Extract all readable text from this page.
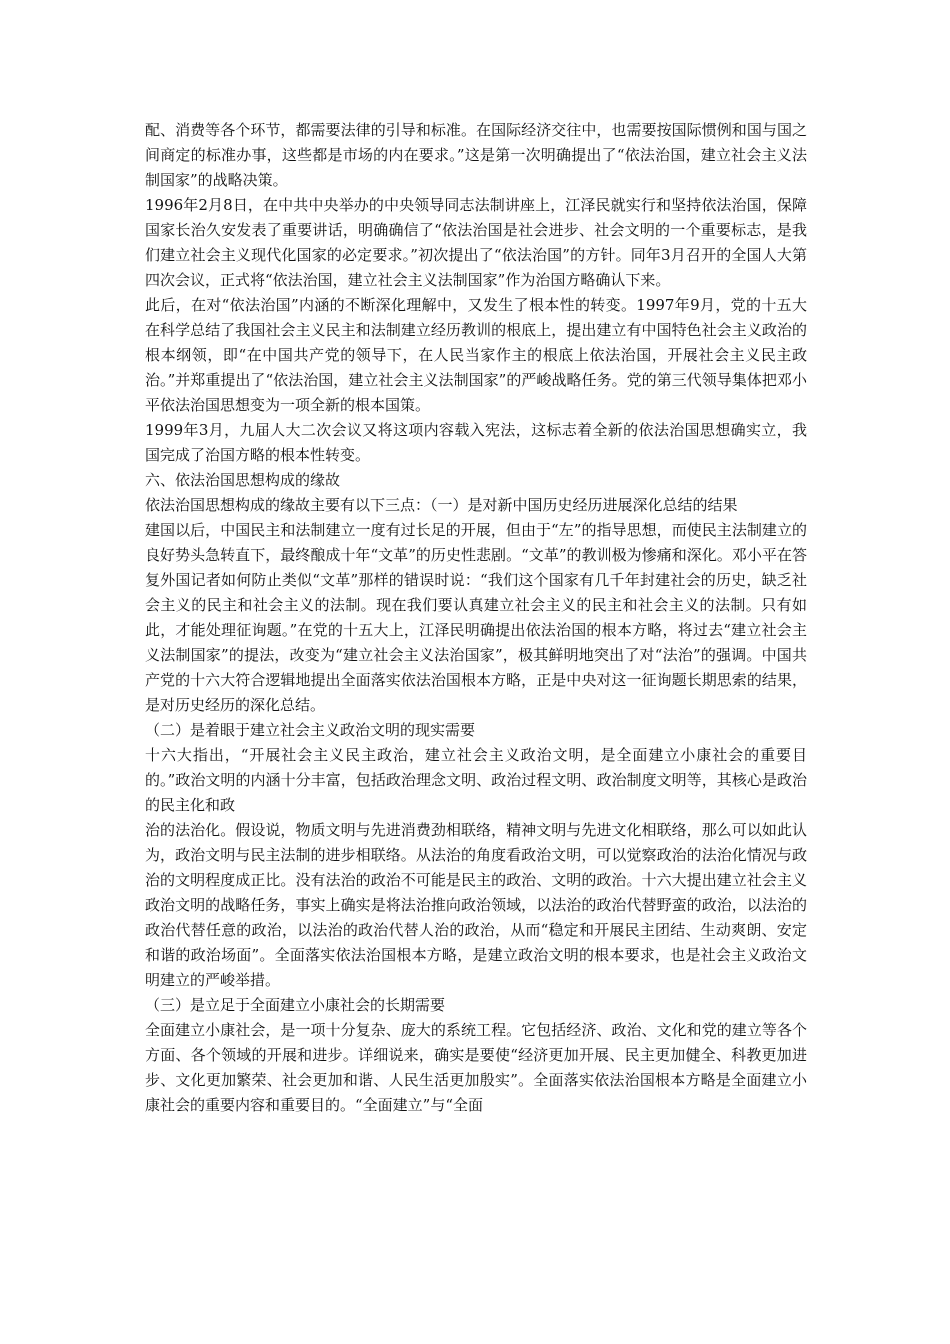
配、消费等各个环节，都需要法律的引导和标准。在国际经济交往中，也需要按国际惯例和国与国之间商定的标准办事，这些都是市场的内在要求。”这是第一次明确提出了“依法治国，建立社会主义法制国家”的战略决策。

1996年2月8日，在中共中央举办的中央领导同志法制讲座上，江泽民就实行和坚持依法治国，保障国家长治久安发表了重要讲话，明确确信了“依法治国是社会进步、社会文明的一个重要标志，是我们建立社会主义现代化国家的必定要求。”初次提出了“依法治国”的方针。同年3月召开的全国人大第四次会议，正式将“依法治国，建立社会主义法制国家”作为治国方略确认下来。

此后，在对“依法治国”内涵的不断深化理解中，又发生了根本性的转变。1997年9月，党的十五大在科学总结了我国社会主义民主和法制建立经历教训的根底上，提出建立有中国特色社会主义政治的根本纲领，即“在中国共产党的领导下，在人民当家作主的根底上依法治国，开展社会主义民主政治。”并郑重提出了“依法治国，建立社会主义法制国家”的严峻战略任务。党的第三代领导集体把邓小平依法治国思想变为一项全新的根本国策。

1999年3月，九届人大二次会议又将这项内容载入宪法，这标志着全新的依法治国思想确实立，我国完成了治国方略的根本性转变。

六、依法治国思想构成的缘故

依法治国思想构成的缘故主要有以下三点：（一）是对新中国历史经历进展深化总结的结果

建国以后，中国民主和法制建立一度有过长足的开展，但由于“左”的指导思想，而使民主法制建立的良好势头急转直下，最终酿成十年“文革”的历史性悲剧。“文革”的教训极为惨痛和深化。邓小平在答复外国记者如何防止类似“文革”那样的错误时说：“我们这个国家有几千年封建社会的历史，缺乏社会主义的民主和社会主义的法制。现在我们要认真建立社会主义的民主和社会主义的法制。只有如此，才能处理征询题。”在党的十五大上，江泽民明确提出依法治国的根本方略，将过去“建立社会主义法制国家”的提法，改变为“建立社会主义法治国家”，极其鲜明地突出了对“法治”的强调。中国共产党的十六大符合逻辑地提出全面落实依法治国根本方略，正是中央对这一征询题长期思索的结果，是对历史经历的深化总结。

（二）是着眼于建立社会主义政治文明的现实需要

十六大指出，“开展社会主义民主政治，建立社会主义政治文明，是全面建立小康社会的重要目的。”政治文明的内涵十分丰富，包括政治理念文明、政治过程文明、政治制度文明等，其核心是政治的民主化和政

治的法治化。假设说，物质文明与先进消费劲相联络，精神文明与先进文化相联络，那么可以如此认为，政治文明与民主法制的进步相联络。从法治的角度看政治文明，可以觉察政治的法治化情况与政治的文明程度成正比。没有法治的政治不可能是民主的政治、文明的政治。十六大提出建立社会主义政治文明的战略任务，事实上确实是将法治推向政治领域，以法治的政治代替野蛮的政治，以法治的政治代替任意的政治，以法治的政治代替人治的政治，从而“稳定和开展民主团结、生动爽朗、安定和谐的政治场面”。全面落实依法治国根本方略，是建立政治文明的根本要求，也是社会主义政治文明建立的严峻举措。

（三）是立足于全面建立小康社会的长期需要

全面建立小康社会，是一项十分复杂、庞大的系统工程。它包括经济、政治、文化和党的建立等各个方面、各个领域的开展和进步。详细说来，确实是要使“经济更加开展、民主更加健全、科教更加进步、文化更加繁荣、社会更加和谐、人民生活更加殷实”。全面落实依法治国根本方略是全面建立小康社会的重要内容和重要目的。“全面建立”与“全面
